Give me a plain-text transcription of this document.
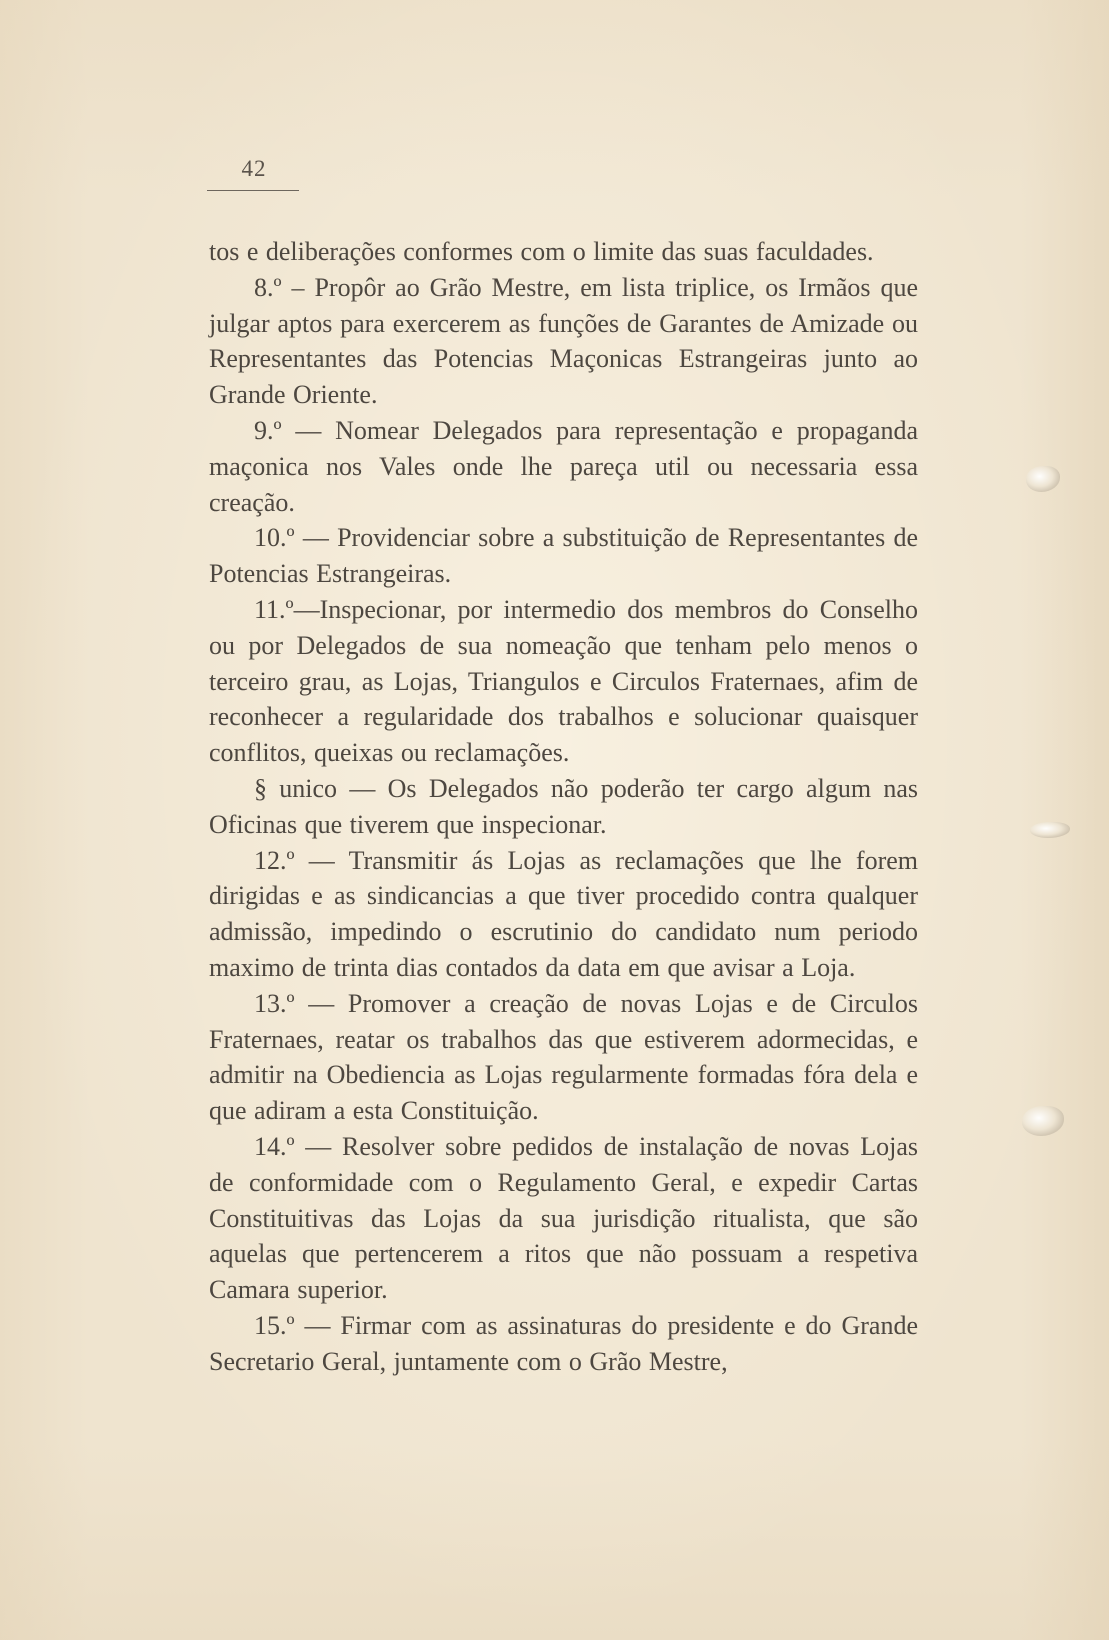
42

tos e deliberações conformes com o limite das suas faculdades.

8.º – Propôr ao Grão Mestre, em lista triplice, os Irmãos que julgar aptos para exercerem as funções de Garantes de Amizade ou Representantes das Potencias Maçonicas Estrangeiras junto ao Grande Oriente.

9.º — Nomear Delegados para representação e propaganda maçonica nos Vales onde lhe pareça util ou necessaria essa creação.

10.º — Providenciar sobre a substituição de Representantes de Potencias Estrangeiras.

11.º—Inspecionar, por intermedio dos membros do Conselho ou por Delegados de sua nomeação que tenham pelo menos o terceiro grau, as Lojas, Triangulos e Circulos Fraternaes, afim de reconhecer a regularidade dos trabalhos e solucionar quaisquer conflitos, queixas ou reclamações.

§ unico — Os Delegados não poderão ter cargo algum nas Oficinas que tiverem que inspecionar.

12.º — Transmitir ás Lojas as reclamações que lhe forem dirigidas e as sindicancias a que tiver procedido contra qualquer admissão, impedindo o escrutinio do candidato num periodo maximo de trinta dias contados da data em que avisar a Loja.

13.º — Promover a creação de novas Lojas e de Circulos Fraternaes, reatar os trabalhos das que estiverem adormecidas, e admitir na Obediencia as Lojas regularmente formadas fóra dela e que adiram a esta Constituição.

14.º — Resolver sobre pedidos de instalação de novas Lojas de conformidade com o Regulamento Geral, e expedir Cartas Constituitivas das Lojas da sua jurisdição ritualista, que são aquelas que pertencerem a ritos que não possuam a respetiva Camara superior.

15.º — Firmar com as assinaturas do presidente e do Grande Secretario Geral, juntamente com o Grão Mestre,
